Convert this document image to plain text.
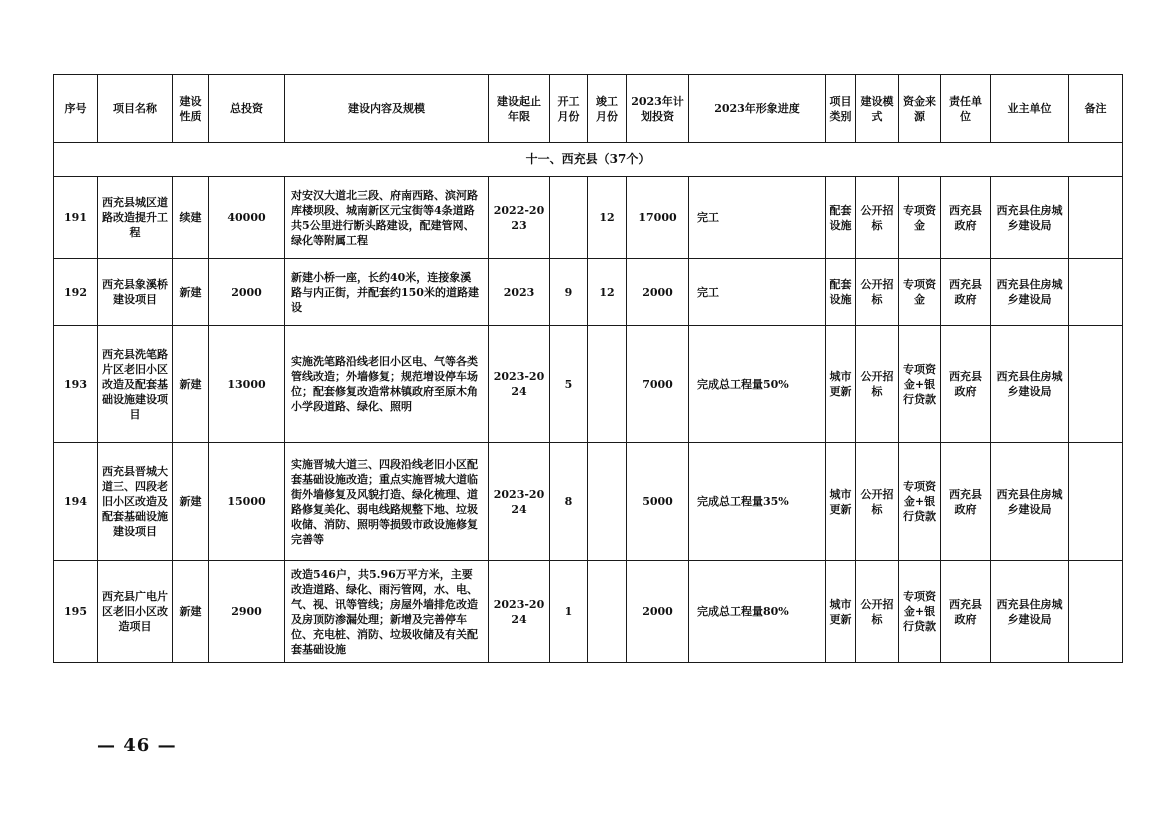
序号	项目名称	建设性质	总投资	建设内容及规模	建设起止年限	开工月份	竣工月份	2023年计划投资	2023年形象进度	项目类别	建设模式	资金来源	责任单位	业主单位	备注
十一、西充县（37个）															
191	西充县城区道路改造提升工程	续建	40000	对安汉大道北三段、府南西路、滨河路库楼坝段、城南新区元宝街等4条道路共5公里进行断头路建设，配建管网、绿化等附属工程	2022-2023		12	17000	完工	配套设施	公开招标	专项资金	西充县政府	西充县住房城乡建设局	
192	西充县象溪桥建设项目	新建	2000	新建小桥一座，长约40米，连接象溪路与内正街，并配套约150米的道路建设	2023	9	12	2000	完工	配套设施	公开招标	专项资金	西充县政府	西充县住房城乡建设局	
193	西充县洗笔路片区老旧小区改造及配套基础设施建设项目	新建	13000	实施洗笔路沿线老旧小区电、气等各类管线改造；外墙修复；规范增设停车场位；配套修复改造常林镇政府至原木角小学段道路、绿化、照明	2023-2024	5		7000	完成总工程量50%	城市更新	公开招标	专项资金+银行贷款	西充县政府	西充县住房城乡建设局	
194	西充县晋城大道三、四段老旧小区改造及配套基础设施建设项目	新建	15000	实施晋城大道三、四段沿线老旧小区配套基础设施改造；重点实施晋城大道临街外墙修复及风貌打造、绿化梳理、道路修复美化、弱电线路规整下地、垃圾收储、消防、照明等损毁市政设施修复完善等	2023-2024	8		5000	完成总工程量35%	城市更新	公开招标	专项资金+银行贷款	西充县政府	西充县住房城乡建设局	
195	西充县广电片区老旧小区改造项目	新建	2900	改造546户，共5.96万平方米，主要改造道路、绿化、雨污管网，水、电、气、视、讯等管线；房屋外墙排危改造及房顶防渗漏处理；新增及完善停车位、充电桩、消防、垃圾收储及有关配套基础设施	2023-2024	1		2000	完成总工程量80%	城市更新	公开招标	专项资金+银行贷款	西充县政府	西充县住房城乡建设局	
— 46 —
